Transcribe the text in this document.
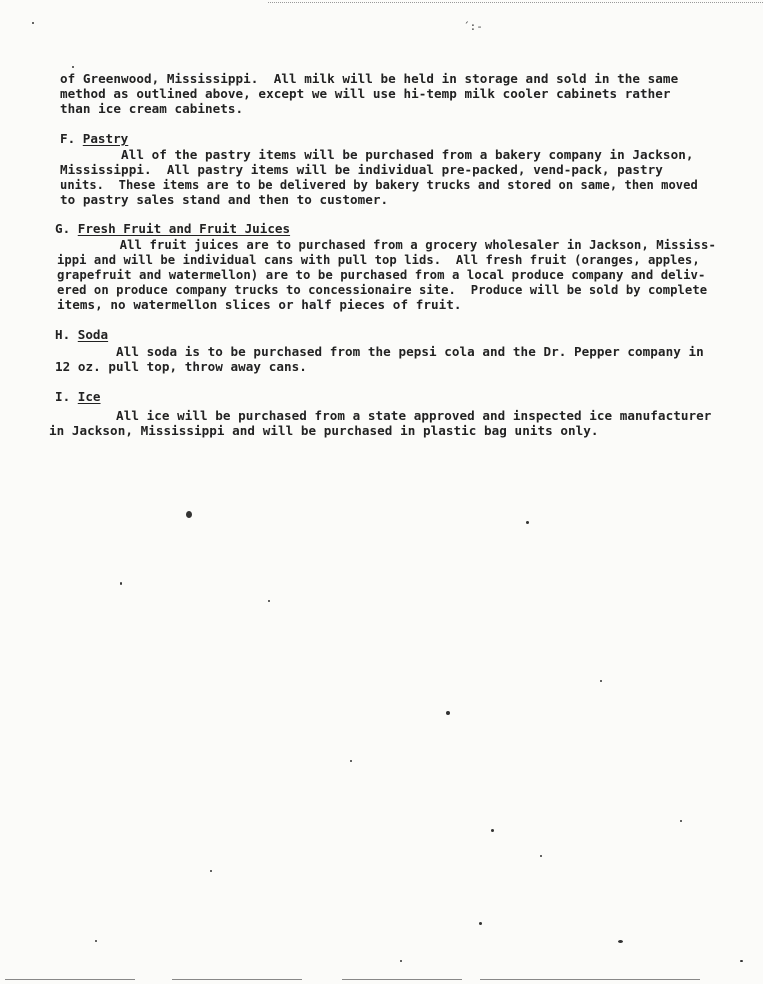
´:-
of Greenwood, Mississippi.  All milk will be held in storage and sold in the same
method as outlined above, except we will use hi-temp milk cooler cabinets rather
than ice cream cabinets.
F. Pastry
All of the pastry items will be purchased from a bakery company in Jackson,
Mississippi.  All pastry items will be individual pre-packed, vend-pack, pastry
units.  These items are to be delivered by bakery trucks and stored on same, then moved
to pastry sales stand and then to customer.
G. Fresh Fruit and Fruit Juices
All fruit juices are to purchased from a grocery wholesaler in Jackson, Mississ-
ippi and will be individual cans with pull top lids.  All fresh fruit (oranges, apples,
grapefruit and watermellon) are to be purchased from a local produce company and deliv-
ered on produce company trucks to concessionaire site.  Produce will be sold by complete
items, no watermellon slices or half pieces of fruit.
H. Soda
All soda is to be purchased from the pepsi cola and the Dr. Pepper company in
12 oz. pull top, throw away cans.
I. Ice
All ice will be purchased from a state approved and inspected ice manufacturer
in Jackson, Mississippi and will be purchased in plastic bag units only.
